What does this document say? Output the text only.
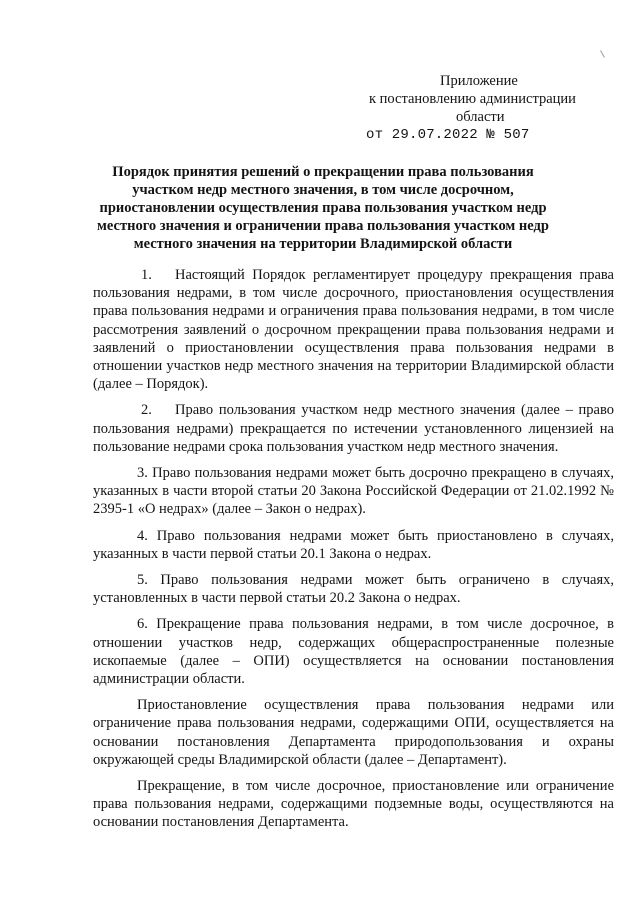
Приложение
к постановлению администрации
области
от 29.07.2022 № 507
Порядок принятия решений о прекращении права пользования участком недр местного значения, в том числе досрочном, приостановлении осуществления права пользования участком недр местного значения и ограничении права пользования участком недр местного значения на территории Владимирской области

1. Настоящий Порядок регламентирует процедуру прекращения права пользования недрами, в том числе досрочного, приостановления осуществления права пользования недрами и ограничения права пользования недрами, в том числе рассмотрения заявлений о досрочном прекращении права пользования недрами и заявлений о приостановлении осуществления права пользования недрами в отношении участков недр местного значения на территории Владимирской области (далее – Порядок).

2. Право пользования участком недр местного значения (далее – право пользования недрами) прекращается по истечении установленного лицензией на пользование недрами срока пользования участком недр местного значения.

3. Право пользования недрами может быть досрочно прекращено в случаях, указанных в части второй статьи 20 Закона Российской Федерации от 21.02.1992 № 2395-1 «О недрах» (далее – Закон о недрах).

4. Право пользования недрами может быть приостановлено в случаях, указанных в части первой статьи 20.1 Закона о недрах.

5. Право пользования недрами может быть ограничено в случаях, установленных в части первой статьи 20.2 Закона о недрах.

6. Прекращение права пользования недрами, в том числе досрочное, в отношении участков недр, содержащих общераспространенные полезные ископаемые (далее – ОПИ) осуществляется на основании постановления администрации области.

Приостановление осуществления права пользования недрами или ограничение права пользования недрами, содержащими ОПИ, осуществляется на основании постановления Департамента природопользования и охраны окружающей среды Владимирской области (далее – Департамент).

Прекращение, в том числе досрочное, приостановление или ограничение права пользования недрами, содержащими подземные воды, осуществляются на основании постановления Департамента.
